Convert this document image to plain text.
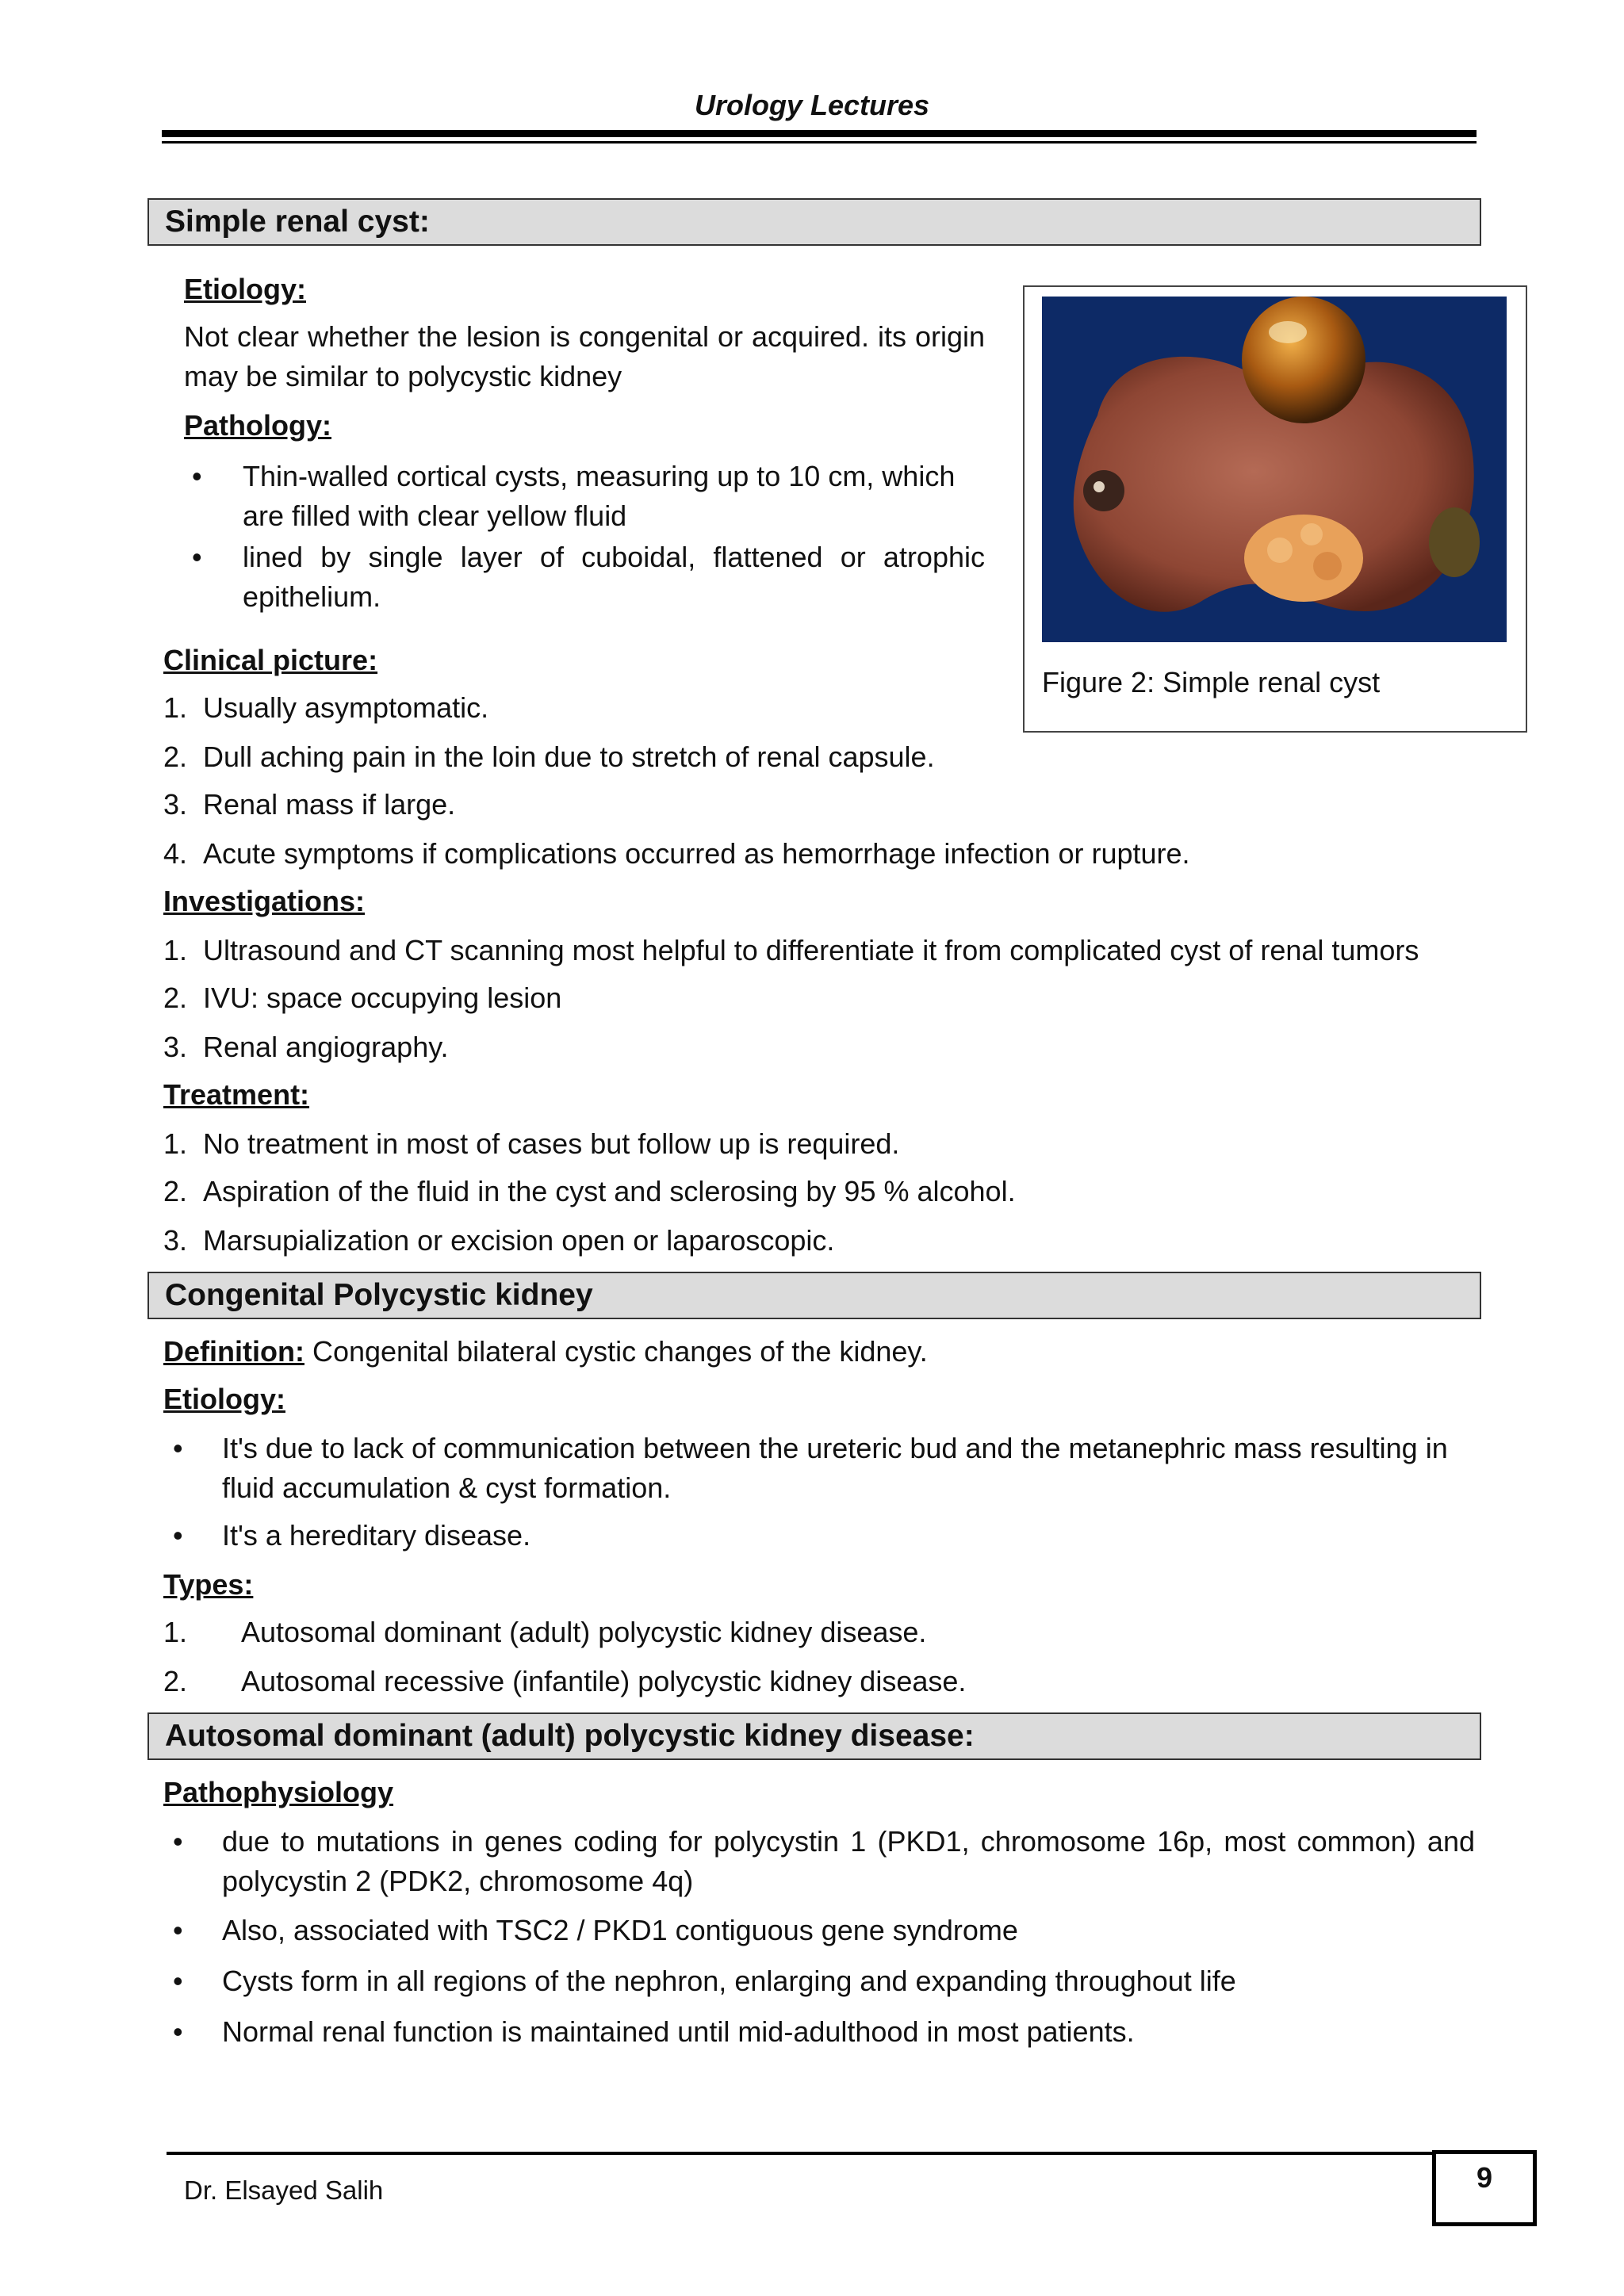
Urology Lectures
Simple renal cyst:
Etiology:
Not clear whether the lesion is congenital or acquired. its origin may be similar to polycystic kidney
Pathology:
• Thin-walled cortical cysts, measuring up to 10 cm, which are filled with clear yellow fluid
• lined by single layer of cuboidal, flattened or atrophic epithelium.
Clinical picture:
1. Usually asymptomatic.
2. Dull aching pain in the loin due to stretch of renal capsule.
3. Renal mass if large.
4. Acute symptoms if complications occurred as hemorrhage infection or rupture.
Investigations:
1. Ultrasound and CT scanning most helpful to differentiate it from complicated cyst of renal tumors
2. IVU: space occupying lesion
3. Renal angiography.
Treatment:
1. No treatment in most of cases but follow up is required.
2. Aspiration of the fluid in the cyst and sclerosing by 95 % alcohol.
3. Marsupialization or excision open or laparoscopic.
Figure 2: Simple renal cyst
Congenital Polycystic kidney
Definition: Congenital bilateral cystic changes of the kidney.
Etiology:
• It's due to lack of communication between the ureteric bud and the metanephric mass resulting in fluid accumulation & cyst formation.
• It's a hereditary disease.
Types:
1. Autosomal dominant (adult) polycystic kidney disease.
2. Autosomal recessive (infantile) polycystic kidney disease.
Autosomal dominant (adult) polycystic kidney disease:
Pathophysiology
• due to mutations in genes coding for polycystin 1 (PKD1, chromosome 16p, most common) and polycystin 2 (PDK2, chromosome 4q)
• Also, associated with TSC2 / PKD1 contiguous gene syndrome
• Cysts form in all regions of the nephron, enlarging and expanding throughout life
• Normal renal function is maintained until mid-adulthood in most patients.
Dr. Elsayed Salih	9
